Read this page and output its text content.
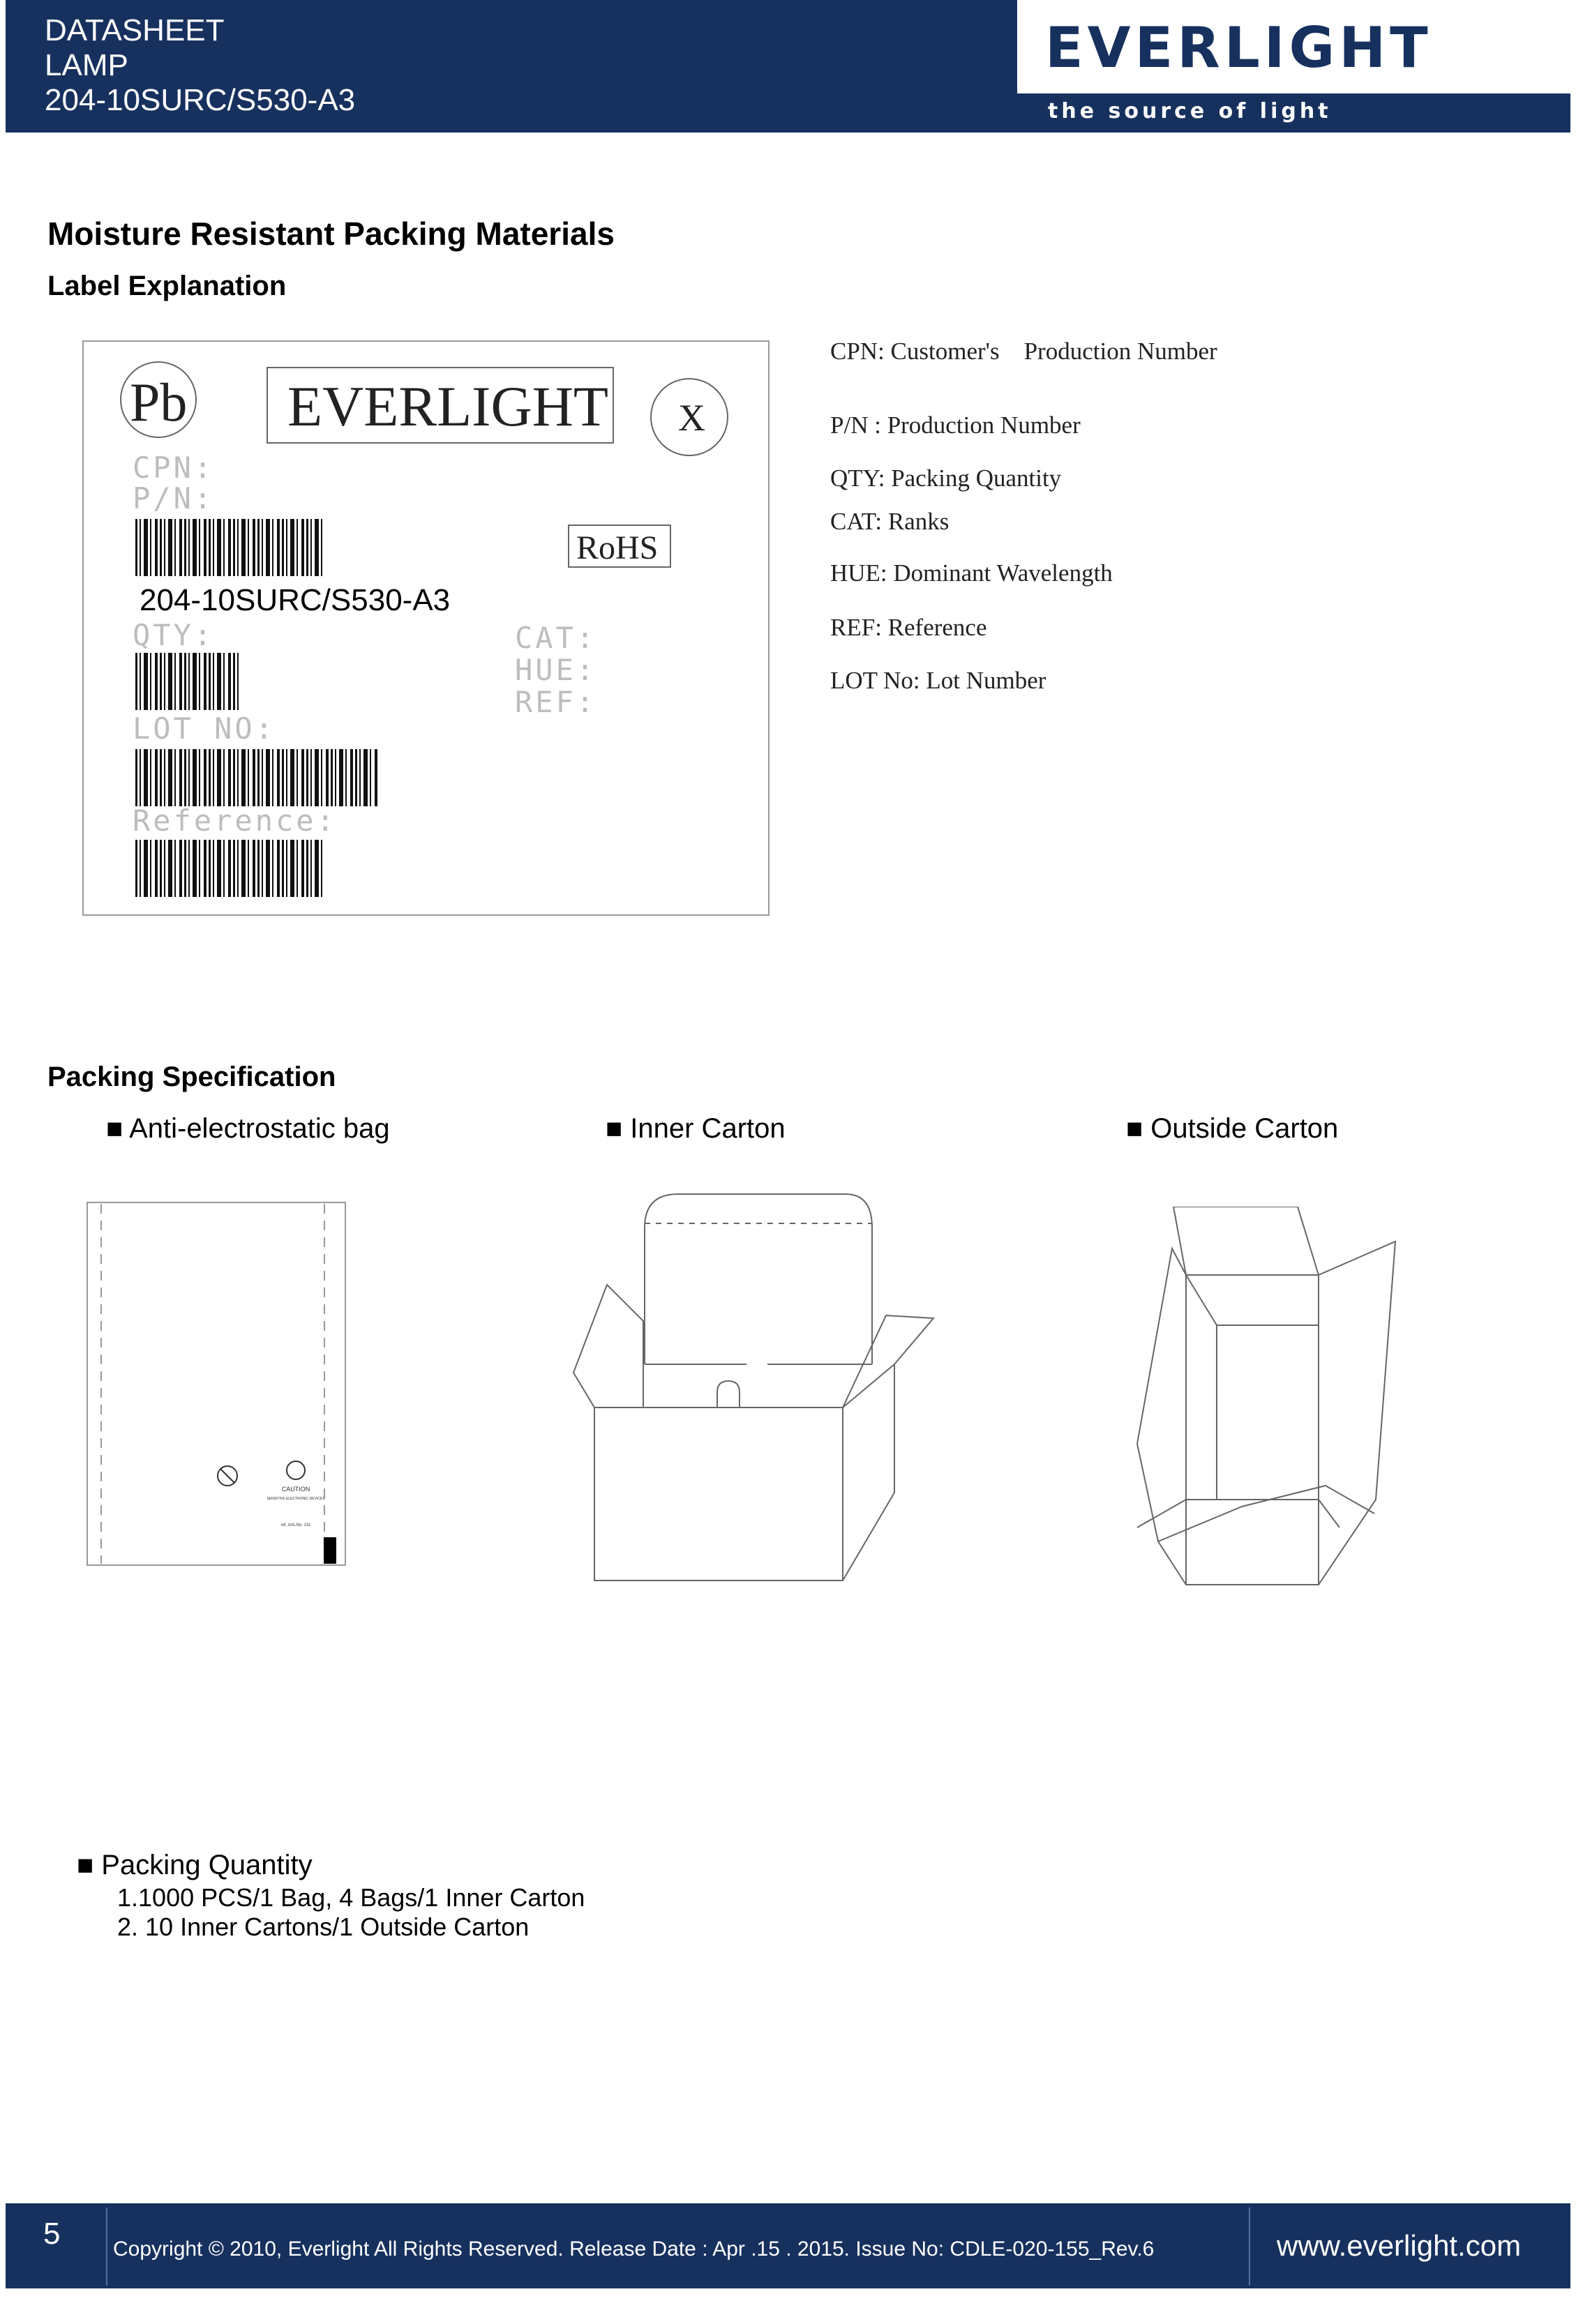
DATASHEET
LAMP
204-10SURC/S530-A3
EVERLIGHT
the source of light
Moisture Resistant Packing Materials
Label Explanation
Pb EVERLIGHT X
CPN:
P/N:
RoHS
204-10SURC/S530-A3
QTY:	CAT:
HUE:
REF:
LOT NO:
Reference:
CPN: Customer's    Production Number
P/N : Production Number
QTY: Packing Quantity
CAT: Ranks
HUE: Dominant Wavelength
REF: Reference
LOT No: Lot Number
Packing Specification
■ Anti-electrostatic bag	■ Inner Carton	■ Outside Carton
CAUTION
SENSITIVE ELECTRONIC DEVICES
ref. Arls.No. 131
■ Packing Quantity
1.1000 PCS/1 Bag, 4 Bags/1 Inner Carton
2. 10 Inner Cartons/1 Outside Carton
5	Copyright © 2010, Everlight All Rights Reserved. Release Date : Apr .15 . 2015. Issue No: CDLE-020-155_Rev.6	www.everlight.com
